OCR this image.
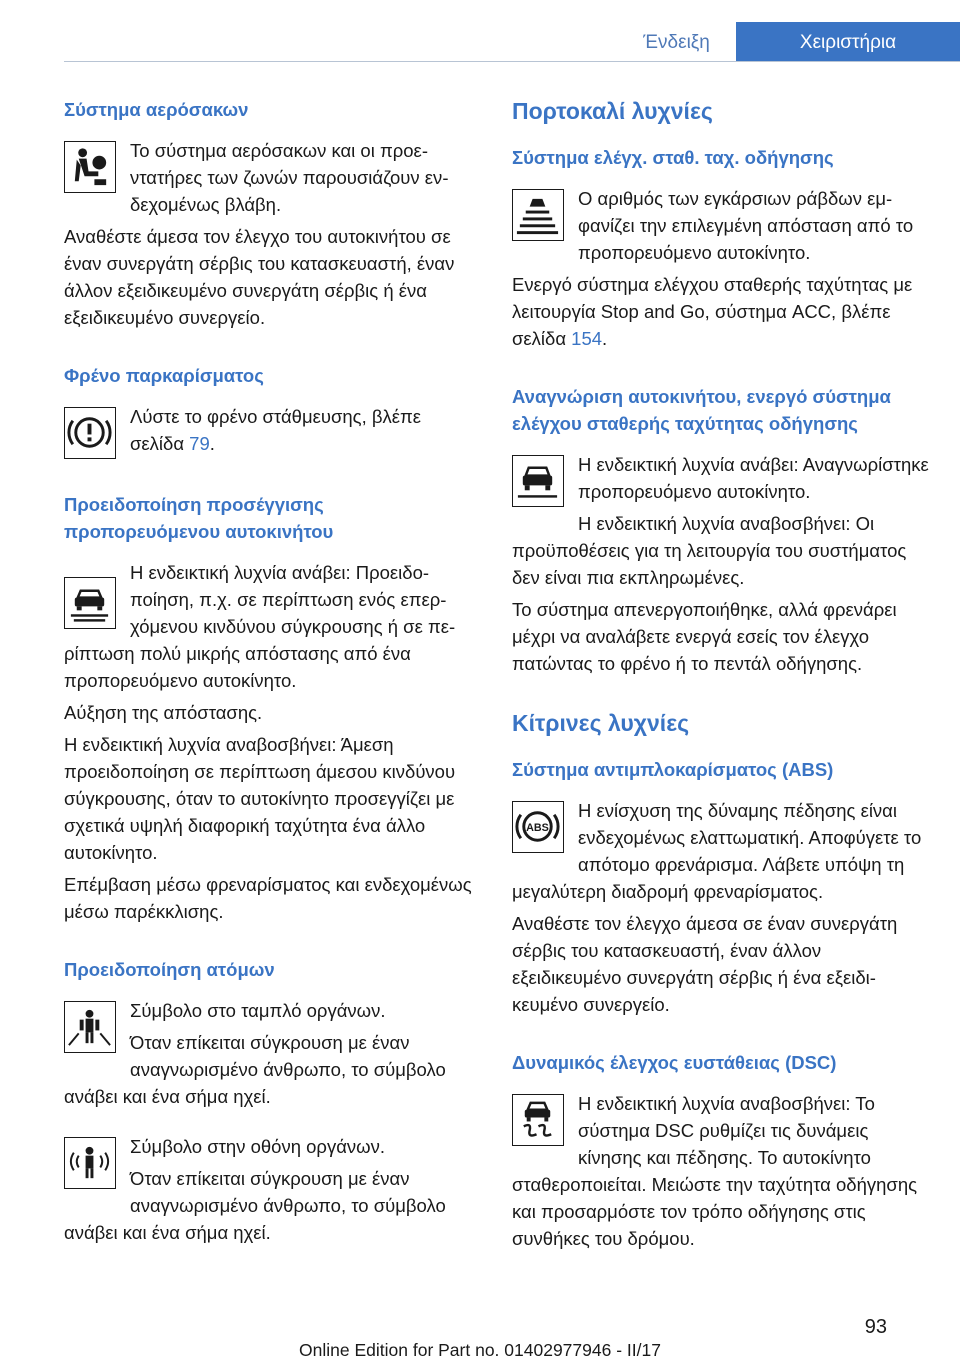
Ένδειξη	Χειριστήρια
Σύστημα αερόσακων
Το σύστημα αερόσακων και οι προεντατήρες των ζωνών παρουσιάζουν ενδεχομένως βλάβη.
Αναθέστε άμεσα τον έλεγχο του αυτοκινήτου σε έναν συνεργάτη σέρβις του κατασκευαστή, έναν άλλον εξειδικευμένο συνεργάτη σέρβις ή ένα εξειδικευμένο συνεργείο.
Φρένο παρκαρίσματος
Λύστε το φρένο στάθμευσης, βλέπε σελίδα 79.
Προειδοποίηση προσέγγισης προπορευόμενου αυτοκινήτου
Η ενδεικτική λυχνία ανάβει: Προειδοποίηση, π.χ. σε περίπτωση ενός επερχόμενου κινδύνου σύγκρουσης ή σε περίπτωση πολύ μικρής απόστασης από ένα προπορευόμενο αυτοκίνητο.
Αύξηση της απόστασης.
Η ενδεικτική λυχνία αναβοσβήνει: Άμεση προειδοποίηση σε περίπτωση άμεσου κινδύνου σύγκρουσης, όταν το αυτοκίνητο προσεγγίζει με σχετικά υψηλή διαφορική ταχύτητα ένα άλλο αυτοκίνητο.
Επέμβαση μέσω φρεναρίσματος και ενδεχομένως μέσω παρέκκλισης.
Προειδοποίηση ατόμων
Σύμβολο στο ταμπλό οργάνων.
Όταν επίκειται σύγκρουση με έναν αναγνωρισμένο άνθρωπο, το σύμβολο ανάβει και ένα σήμα ηχεί.
Σύμβολο στην οθόνη οργάνων.
Όταν επίκειται σύγκρουση με έναν αναγνωρισμένο άνθρωπο, το σύμβολο ανάβει και ένα σήμα ηχεί.
Πορτοκαλί λυχνίες
Σύστημα ελέγχ. σταθ. ταχ. οδήγησης
Ο αριθμός των εγκάρσιων ράβδων εμφανίζει την επιλεγμένη απόσταση από το προπορευόμενο αυτοκίνητο.
Ενεργό σύστημα ελέγχου σταθερής ταχύτητας με λειτουργία Stop and Go, σύστημα ACC, βλέπε σελίδα 154.
Αναγνώριση αυτοκινήτου, ενεργό σύστημα ελέγχου σταθερής ταχύτητας οδήγησης
Η ενδεικτική λυχνία ανάβει: Αναγνωρίστηκε προπορευόμενο αυτοκίνητο.
Η ενδεικτική λυχνία αναβοσβήνει: Οι προϋποθέσεις για τη λειτουργία του συστήματος δεν είναι πια εκπληρωμένες.
Το σύστημα απενεργοποιήθηκε, αλλά φρενάρει μέχρι να αναλάβετε ενεργά εσείς τον έλεγχο πατώντας το φρένο ή το πεντάλ οδήγησης.
Κίτρινες λυχνίες
Σύστημα αντιμπλοκαρίσματος (ABS)
ABS
Η ενίσχυση της δύναμης πέδησης είναι ενδεχομένως ελαττωματική. Αποφύγετε το απότομο φρενάρισμα. Λάβετε υπόψη τη μεγαλύτερη διαδρομή φρεναρίσματος.
Αναθέστε τον έλεγχο άμεσα σε έναν συνεργάτη σέρβις του κατασκευαστή, έναν άλλον εξειδικευμένο συνεργάτη σέρβις ή ένα εξειδικευμένο συνεργείο.
Δυναμικός έλεγχος ευστάθειας (DSC)
Η ενδεικτική λυχνία αναβοσβήνει: Το σύστημα DSC ρυθμίζει τις δυνάμεις κίνησης και πέδησης. Το αυτοκίνητο σταθεροποιείται. Μειώστε την ταχύτητα οδήγησης και προσαρμόστε τον τρόπο οδήγησης στις συνθήκες του δρόμου.
93
Online Edition for Part no. 01402977946 - II/17
